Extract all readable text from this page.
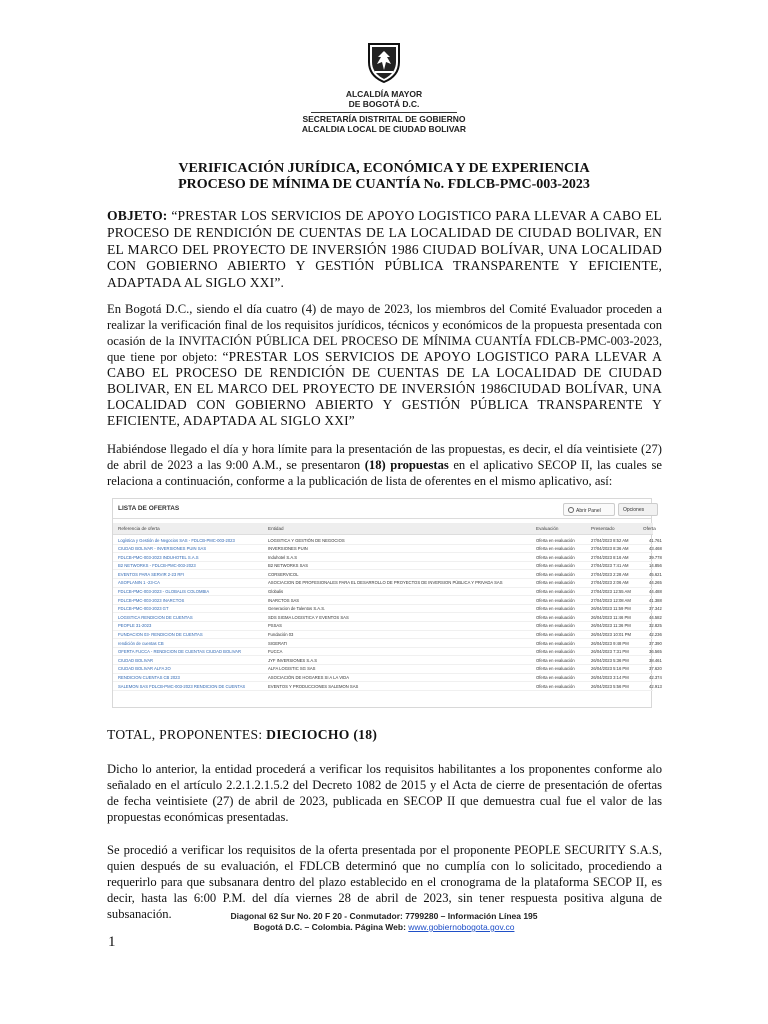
ALCALDÍA MAYOR
DE BOGOTÁ D.C.
SECRETARÍA DISTRITAL DE GOBIERNO
ALCALDIA LOCAL DE CIUDAD BOLIVAR
VERIFICACIÓN JURÍDICA, ECONÓMICA Y DE EXPERIENCIA
PROCESO DE MÍNIMA DE CUANTÍA No. FDLCB-PMC-003-2023
OBJETO: “PRESTAR LOS SERVICIOS DE APOYO LOGISTICO PARA LLEVAR A CABO EL PROCESO DE RENDICIÓN DE CUENTAS DE LA LOCALIDAD DE CIUDAD BOLIVAR, EN EL MARCO DEL PROYECTO DE INVERSIÓN 1986 CIUDAD BOLÍVAR, UNA LOCALIDAD CON GOBIERNO ABIERTO Y GESTIÓN PÚBLICA TRANSPARENTE Y EFICIENTE, ADAPTADA AL SIGLO XXI”.
En Bogotá D.C., siendo el día cuatro (4) de mayo de 2023, los miembros del Comité Evaluador proceden a realizar la verificación final de los requisitos jurídicos, técnicos y económicos de la propuesta presentada con ocasión de la INVITACIÓN PÚBLICA DEL PROCESO DE MÍNIMA CUANTÍA FDLCB-PMC-003-2023, que tiene por objeto: “PRESTAR LOS SERVICIOS DE APOYO LOGISTICO PARA LLEVAR A CABO EL PROCESO DE RENDICIÓN DE CUENTAS DE LA LOCALIDAD DE CIUDAD BOLIVAR, EN EL MARCO DEL PROYECTO DE INVERSIÓN 1986CIUDAD BOLÍVAR, UNA LOCALIDAD CON GOBIERNO ABIERTO Y GESTIÓN PÚBLICA TRANSPARENTE Y EFICIENTE, ADAPTADA AL SIGLO XXI”
Habiéndose llegado el día y hora límite para la presentación de las propuestas, es decir, el día veintisiete (27) de abril de 2023 a las 9:00 A.M., se presentaron (18) propuestas en el aplicativo SECOP II, las cuales se relaciona a continuación, conforme a la publicación de lista de oferentes en el mismo aplicativo, así:
LISTA DE OFERTAS	Abrir Panel	Opciones
Referencia de oferta	Entidad	Evaluación	Presentado	Oferta
Logística y Gestión de Negocios SAS - FDLCB-PMC-003-2023	LOGISTICA Y GESTIÓN DE NEGOCIOS	Oferta en evaluación	27/04/2023 8:52 AM	41.761
CIUDAD BOLIVAR - INVERSIONES PUIN SAS	INVERSIONES PUIN	Oferta en evaluación	27/04/2023 8:36 AM	43.468
FDLCB-PMC-003-2023 INDUHOTEL S.A.S	Induhotel S.A.S	Oferta en evaluación	27/04/2023 8:16 AM	39.778
B2 NETWORKS - FDLCB-PMC-003-2023	B2 NETWORKS SAS	Oferta en evaluación	27/04/2023 7:41 AM	14.856
EVENTOS PARA SERVIR 2-23 RFI	CORSERVICOL	Oferta en evaluación	27/04/2023 2:28 AM	45.621
ASOPLANIN 1 -23-CA	ASOCIACION DE PROFESIONALES PARA EL DESARROLLO DE PROYECTOS DE INVERSION PÚBLICA Y PRIVADA SAS	Oferta en evaluación	27/04/2023 2:06 AM	44.265
FDLCB-PMC-003-2023 - GLOBALIS COLOMBIA	Globalis	Oferta en evaluación	27/04/2023 12:55 AM	44.488
FDLCB-PMC-003-2023 INARCTOS	INARCTOS SAS	Oferta en evaluación	27/04/2023 12:08 AM	41.388
FDLCB-PMC-003-2023 GT	Generacion de Talentos S.A.S.	Oferta en evaluación	26/04/2023 11:59 PM	37.342
LOGISTICA RENDICION DE CUENTAS	SDS SIGMA LOGISTICA Y EVENTOS SAS	Oferta en evaluación	26/04/2023 11:46 PM	44.582
PEOPLE 31-2023	PSSAS	Oferta en evaluación	26/04/2023 11:36 PM	32.825
FUNDACION 03- RENDICION DE CUENTAS	Fundación 03	Oferta en evaluación	26/04/2023 10:01 PM	42.236
rendición de cuentas CB	SIGERATI	Oferta en evaluación	26/04/2023 9:48 PM	37.390
OFERTA FUCCA - RENDICION DE CUENTAS CIUDAD BOLIVAR	FUCCA	Oferta en evaluación	26/04/2023 7:31 PM	36.565
CIUDAD BOLIVAR	JYF INVERSIONES S.A.S	Oferta en evaluación	26/04/2023 5:36 PM	38.461
CIUDAD BOLIVAR ALFA 2O	ALFA LOGISTIC SG SAS	Oferta en evaluación	26/04/2023 5:16 PM	37.620
RENDICION CUENTAS CB 2023	ASOCIACIÓN DE HOGARES SI A LA VIDA	Oferta en evaluación	26/04/2023 3:14 PM	42.374
SALEMON SAS FDLCB-PMC-003-2023 RENDICION DE CUENTAS	EVENTOS Y PRODUCCIONES SALEMON SAS	Oferta en evaluación	26/04/2023 5:56 PM	42.913
TOTAL, PROPONENTES: DIECIOCHO (18)
Dicho lo anterior, la entidad procederá a verificar los requisitos habilitantes a los proponentes conforme alo señalado en el artículo 2.2.1.2.1.5.2 del Decreto 1082 de 2015 y el Acta de cierre de presentación de ofertas de fecha veintisiete (27) de abril de 2023, publicada en SECOP II que demuestra cual fue el valor de las propuestas económicas presentadas.
Se procedió a verificar los requisitos de la oferta presentada por el proponente PEOPLE SECURITY S.A.S, quien después de su evaluación, el FDLCB determinó que no cumplía con lo solicitado, procediendo a requerirlo para que subsanara dentro del plazo establecido en el cronograma de la plataforma SECOP II, es decir, hasta las 6:00 P.M. del día viernes 28 de abril de 2023, sin tener respuesta positiva alguna de subsanación.	Diagonal 62 Sur No. 20 F 20 - Conmutador: 7799280 – Información Línea 195
Bogotá D.C. – Colombia. Página Web: www.gobiernobogota.gov.co
1
